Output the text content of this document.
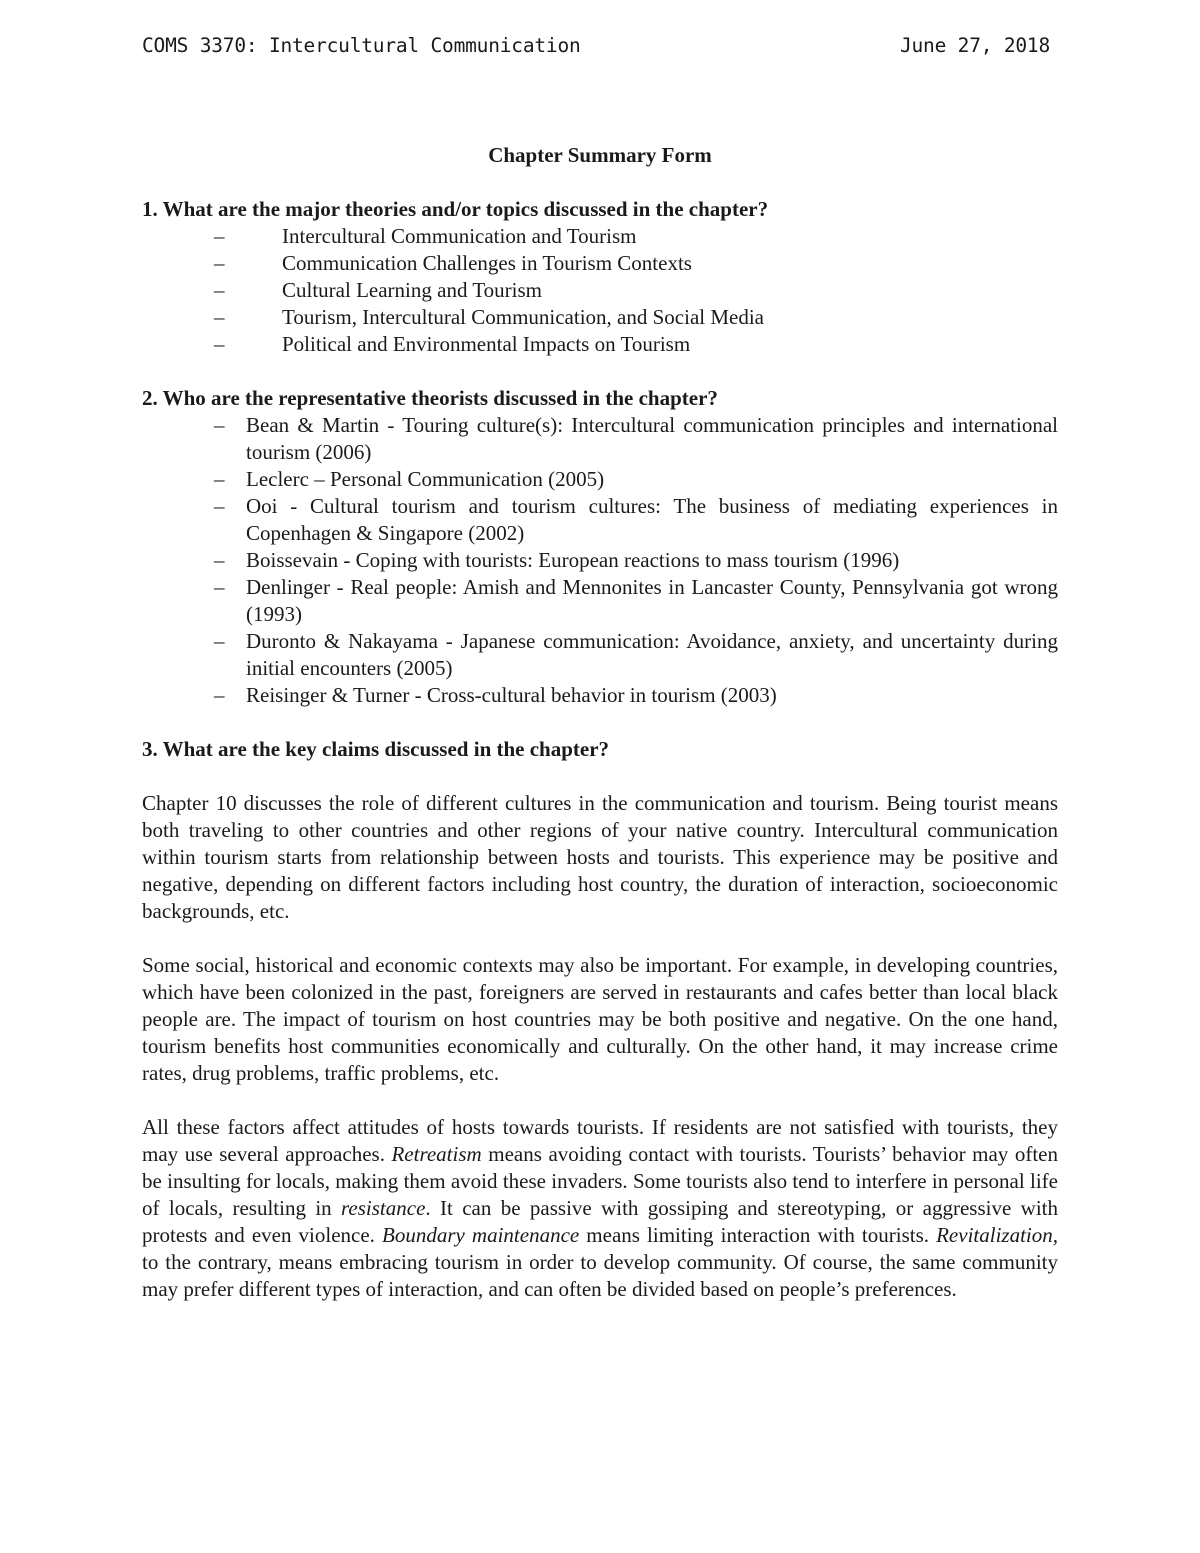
COMS 3370: Intercultural Communication	June 27, 2018
Chapter Summary Form

1. What are the major theories and/or topics discussed in the chapter?

–	Intercultural Communication and Tourism
–	Communication Challenges in Tourism Contexts
–	Cultural Learning and Tourism
–	Tourism, Intercultural Communication, and Social Media
–	Political and Environmental Impacts on Tourism

2. Who are the representative theorists discussed in the chapter?

– Bean & Martin - Touring culture(s): Intercultural communication principles and international tourism (2006)
– Leclerc – Personal Communication (2005)
– Ooi - Cultural tourism and tourism cultures: The business of mediating experiences in Copenhagen & Singapore (2002)
– Boissevain - Coping with tourists: European reactions to mass tourism (1996)
– Denlinger - Real people: Amish and Mennonites in Lancaster County, Pennsylvania got wrong (1993)
– Duronto & Nakayama - Japanese communication: Avoidance, anxiety, and uncertainty during initial encounters (2005)
– Reisinger & Turner - Cross-cultural behavior in tourism (2003)

3. What are the key claims discussed in the chapter?

Chapter 10 discusses the role of different cultures in the communication and tourism. Being tourist means both traveling to other countries and other regions of your native country. Intercultural communication within tourism starts from relationship between hosts and tourists. This experience may be positive and negative, depending on different factors including host country, the duration of interaction, socioeconomic backgrounds, etc.

Some social, historical and economic contexts may also be important. For example, in developing countries, which have been colonized in the past, foreigners are served in restaurants and cafes better than local black people are. The impact of tourism on host countries may be both positive and negative. On the one hand, tourism benefits host communities economically and culturally. On the other hand, it may increase crime rates, drug problems, traffic problems, etc.

All these factors affect attitudes of hosts towards tourists. If residents are not satisfied with tourists, they may use several approaches. Retreatism means avoiding contact with tourists. Tourists’ behavior may often be insulting for locals, making them avoid these invaders. Some tourists also tend to interfere in personal life of locals, resulting in resistance. It can be passive with gossiping and stereotyping, or aggressive with protests and even violence. Boundary maintenance means limiting interaction with tourists. Revitalization, to the contrary, means embracing tourism in order to develop community. Of course, the same community may prefer different types of interaction, and can often be divided based on people’s preferences.
